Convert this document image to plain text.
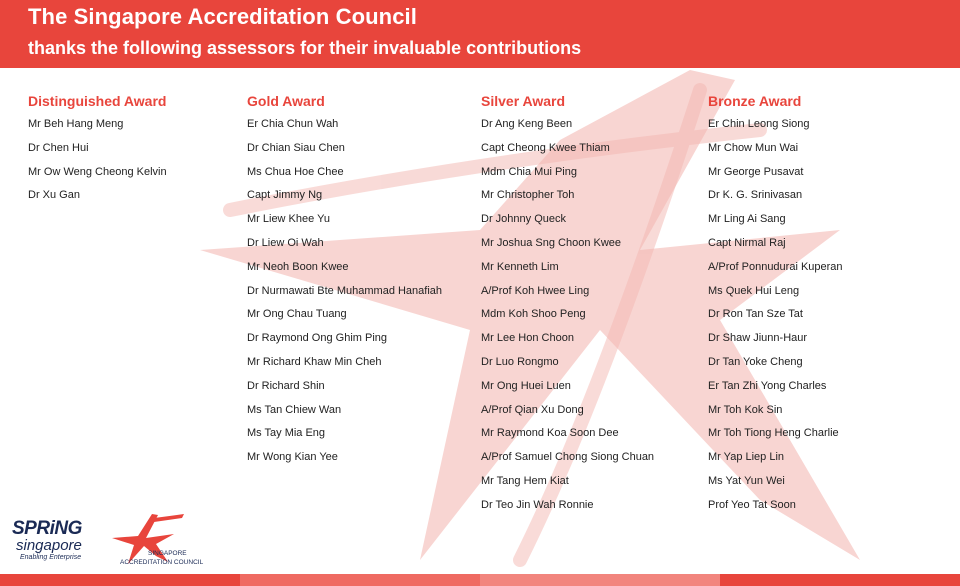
The Singapore Accreditation Council
thanks the following assessors for their invaluable contributions
Distinguished Award
Mr Beh Hang Meng
Dr Chen Hui
Mr Ow Weng Cheong Kelvin
Dr Xu Gan
Gold Award
Er Chia Chun Wah
Dr Chian Siau Chen
Ms Chua Hoe Chee
Capt Jimmy Ng
Mr Liew Khee Yu
Dr Liew Oi Wah
Mr Neoh Boon Kwee
Dr Nurmawati Bte Muhammad Hanafiah
Mr Ong Chau Tuang
Dr Raymond Ong Ghim Ping
Mr Richard Khaw Min Cheh
Dr Richard Shin
Ms Tan Chiew Wan
Ms Tay Mia Eng
Mr Wong Kian Yee
Silver Award
Dr Ang Keng Been
Capt Cheong Kwee Thiam
Mdm Chia Mui Ping
Mr Christopher Toh
Dr Johnny Queck
Mr Joshua Sng Choon Kwee
Mr Kenneth Lim
A/Prof Koh Hwee Ling
Mdm Koh Shoo Peng
Mr Lee Hon Choon
Dr Luo Rongmo
Mr Ong Huei Luen
A/Prof Qian Xu Dong
Mr Raymond Koa Soon Dee
A/Prof Samuel Chong Siong Chuan
Mr Tang Hem Kiat
Dr Teo Jin Wah Ronnie
Bronze Award
Er Chin Leong Siong
Mr Chow Mun Wai
Mr George Pusavat
Dr K. G. Srinivasan
Mr Ling Ai Sang
Capt Nirmal Raj
A/Prof Ponnudurai Kuperan
Ms Quek Hui Leng
Dr Ron Tan Sze Tat
Dr Shaw Jiunn-Haur
Dr Tan Yoke Cheng
Er Tan Zhi Yong Charles
Mr Toh Kok Sin
Mr Toh Tiong Heng Charlie
Mr Yap Liep Lin
Ms Yat Yun Wei
Prof Yeo Tat Soon
SPRiNG
singapore
Enabling Enterprise
SINGAPORE
ACCREDITATION COUNCIL
